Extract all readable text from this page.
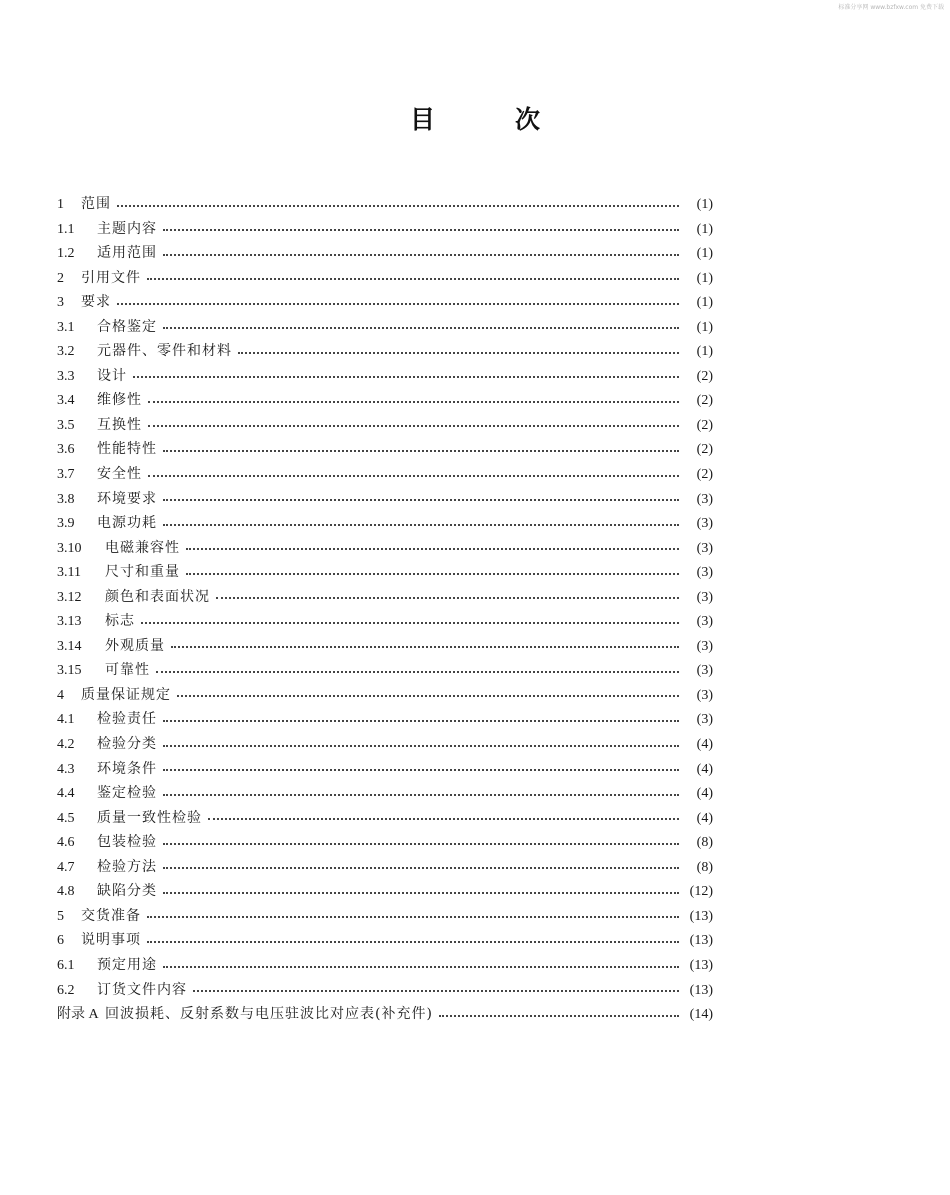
标准分享网 www.bzfxw.com 免费下载
目	次
1	范围	(1)
1.1	主题内容	(1)
1.2	适用范围	(1)
2	引用文件	(1)
3	要求	(1)
3.1	合格鉴定	(1)
3.2	元器件、零件和材料	(1)
3.3	设计	(2)
3.4	维修性	(2)
3.5	互换性	(2)
3.6	性能特性	(2)
3.7	安全性	(2)
3.8	环境要求	(3)
3.9	电源功耗	(3)
3.10	电磁兼容性	(3)
3.11	尺寸和重量	(3)
3.12	颜色和表面状况	(3)
3.13	标志	(3)
3.14	外观质量	(3)
3.15	可靠性	(3)
4	质量保证规定	(3)
4.1	检验责任	(3)
4.2	检验分类	(4)
4.3	环境条件	(4)
4.4	鉴定检验	(4)
4.5	质量一致性检验	(4)
4.6	包装检验	(8)
4.7	检验方法	(8)
4.8	缺陷分类	(12)
5	交货准备	(13)
6	说明事项	(13)
6.1	预定用途	(13)
6.2	订货文件内容	(13)
附录 A 回波损耗、反射系数与电压驻波比对应表(补充件)	(14)
